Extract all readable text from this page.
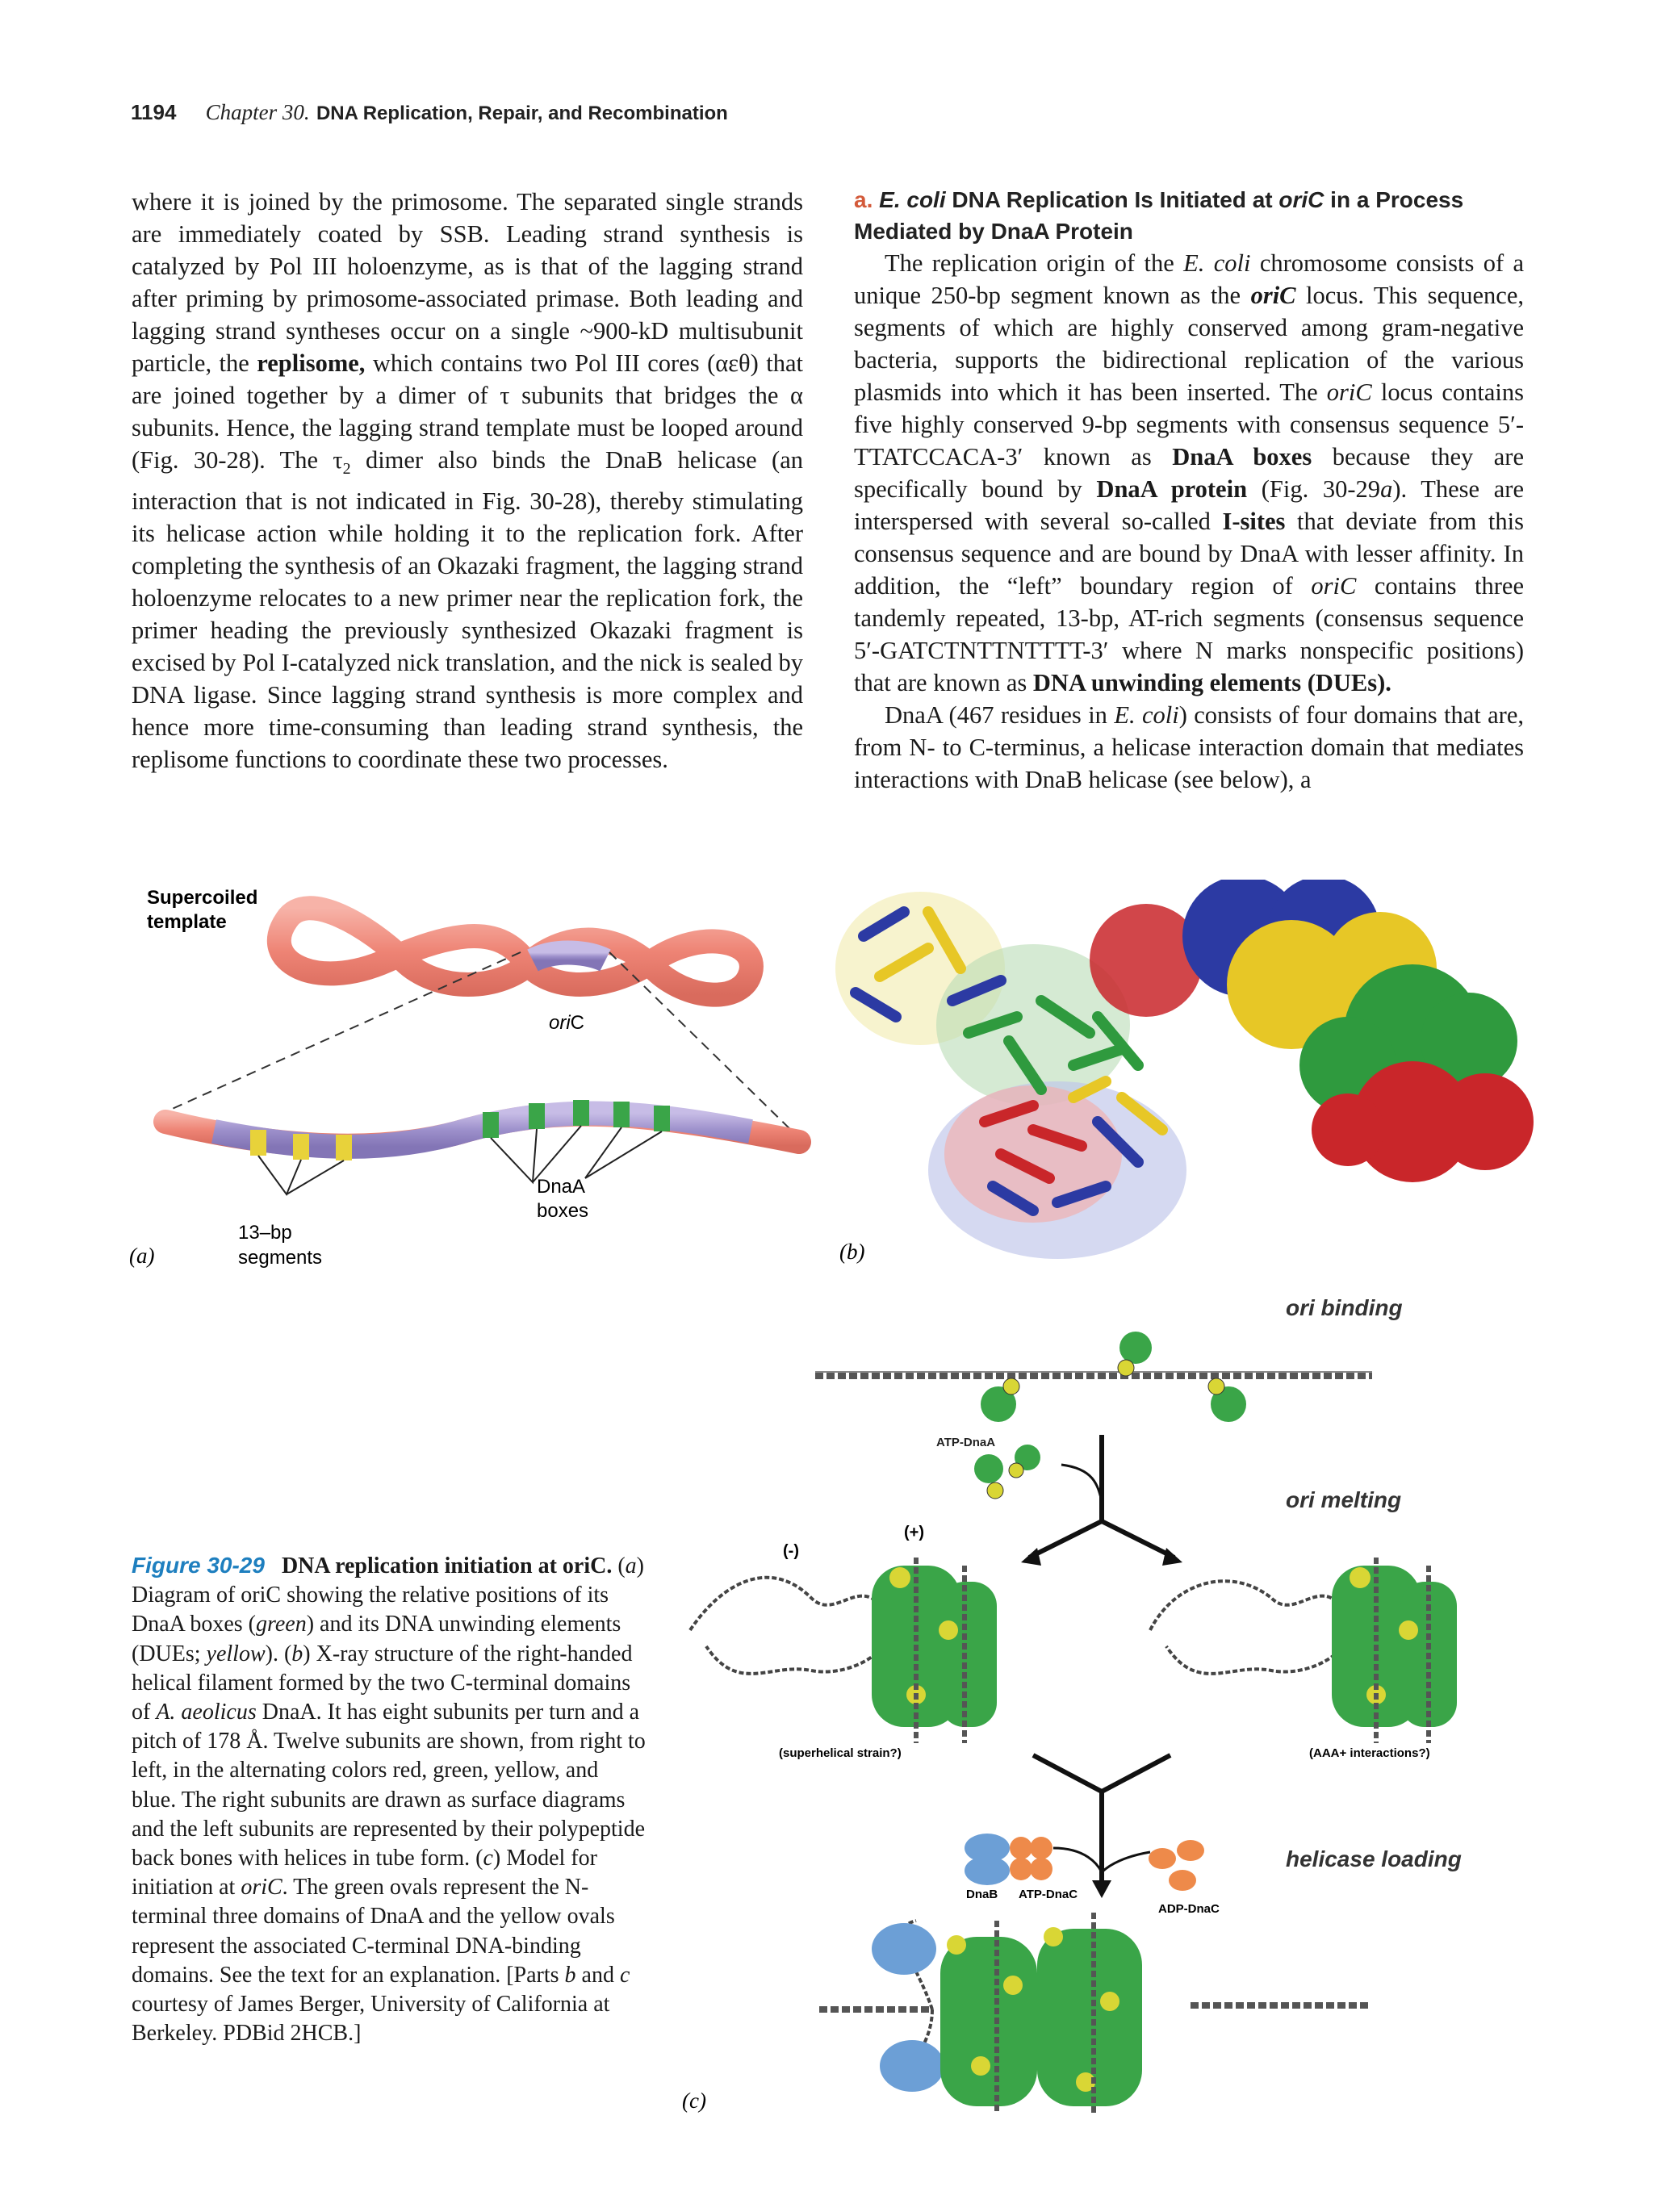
1194 Chapter 30. DNA Replication, Repair, and Recombination

where it is joined by the primosome. The separated single strands are immediately coated by SSB. Leading strand synthesis is catalyzed by Pol III holoenzyme, as is that of the lagging strand after priming by primosome-associated primase. Both leading and lagging strand syntheses occur on a single ~900-kD multisubunit particle, the replisome, which contains two Pol III cores (αεθ) that are joined together by a dimer of τ subunits that bridges the α subunits. Hence, the lagging strand template must be looped around (Fig. 30-28). The $\tau_2$ dimer also binds the DnaB helicase (an interaction that is not indicated in Fig. 30-28), thereby stimulating its helicase action while holding it to the replication fork. After completing the synthesis of an Okazaki fragment, the lagging strand holoenzyme relocates to a new primer near the replication fork, the primer heading the previously synthesized Okazaki fragment is excised by Pol I-catalyzed nick translation, and the nick is sealed by DNA ligase. Since lagging strand synthesis is more complex and hence more time-consuming than leading strand synthesis, the replisome functions to coordinate these two processes.

a. E. coli DNA Replication Is Initiated at oriC in a Process Mediated by DnaA Protein

The replication origin of the E. coli chromosome consists of a unique 250-bp segment known as the oriC locus. This sequence, segments of which are highly conserved among gram-negative bacteria, supports the bidirectional replication of the various plasmids into which it has been inserted. The oriC locus contains five highly conserved 9-bp segments with consensus sequence 5′-TTATCCACA-3′ known as DnaA boxes because they are specifically bound by DnaA protein (Fig. 30-29a). These are interspersed with several so-called I-sites that deviate from this consensus sequence and are bound by DnaA with lesser affinity. In addition, the “left” boundary region of oriC contains three tandemly repeated, 13-bp, AT-rich segments (consensus sequence 5′-GATCTNTTNTTTT-3′ where N marks nonspecific positions) that are known as DNA unwinding elements (DUEs).

DnaA (467 residues in E. coli) consists of four domains that are, from N- to C-terminus, a helicase interaction domain that mediates interactions with DnaB helicase (see below), a

Supercoiled
template
oriC
DnaA
boxes
13–bp
segments
(a)	(b)
ori binding
ATP-DnaA
ori melting
(-)
(+)
(superhelical strain?)	(AAA+ interactions?)
helicase loading
DnaB ATP-DnaC
ADP-DnaC
(c)
Figure 30-29 DNA replication initiation at oriC. (a) Diagram of oriC showing the relative positions of its DnaA boxes (green) and its DNA unwinding elements (DUEs; yellow). (b) X-ray structure of the right-handed helical filament formed by the two C-terminal domains of A. aeolicus DnaA. It has eight subunits per turn and a pitch of 178 Å. Twelve subunits are shown, from right to left, in the alternating colors red, green, yellow, and blue. The right subunits are drawn as surface diagrams and the left subunits are represented by their polypeptide back bones with helices in tube form. (c) Model for initiation at oriC. The green ovals represent the N-terminal three domains of DnaA and the yellow ovals represent the associated C-terminal DNA-binding domains. See the text for an explanation. [Parts b and c courtesy of James Berger, University of California at Berkeley. PDBid 2HCB.]
